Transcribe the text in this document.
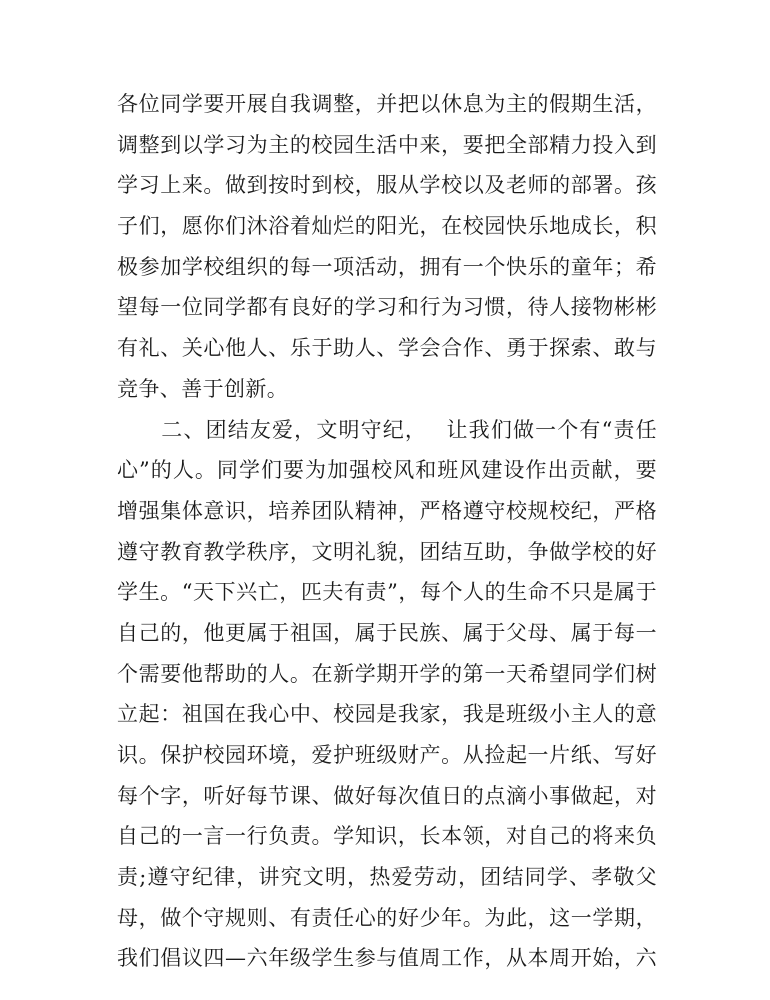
各位同学要开展自我调整，并把以休息为主的假期生活，
调整到以学习为主的校园生活中来，要把全部精力投入到
学习上来。做到按时到校，服从学校以及老师的部署。孩
子们，愿你们沐浴着灿烂的阳光，在校园快乐地成长，积
极参加学校组织的每一项活动，拥有一个快乐的童年；希
望每一位同学都有良好的学习和行为习惯，待人接物彬彬
有礼、关心他人、乐于助人、学会合作、勇于探索、敢与
竞争、善于创新。
　　二、团结友爱，文明守纪，　 让我们做一个有“责任
心”的人。同学们要为加强校风和班风建设作出贡献，要
增强集体意识，培养团队精神，严格遵守校规校纪，严格
遵守教育教学秩序，文明礼貌，团结互助，争做学校的好
学生。“天下兴亡，匹夫有责”，每个人的生命不只是属于
自己的，他更属于祖国，属于民族、属于父母、属于每一
个需要他帮助的人。在新学期开学的第一天希望同学们树
立起：祖国在我心中、校园是我家，我是班级小主人的意
识。保护校园环境，爱护班级财产。从捡起一片纸、写好
每个字，听好每节课、做好每次值日的点滴小事做起，对
自己的一言一行负责。学知识，长本领，对自己的将来负
责;遵守纪律，讲究文明，热爱劳动，团结同学、孝敬父
母，做个守规则、有责任心的好少年。为此，这一学期，
我们倡议四—六年级学生参与值周工作，从本周开始，六
